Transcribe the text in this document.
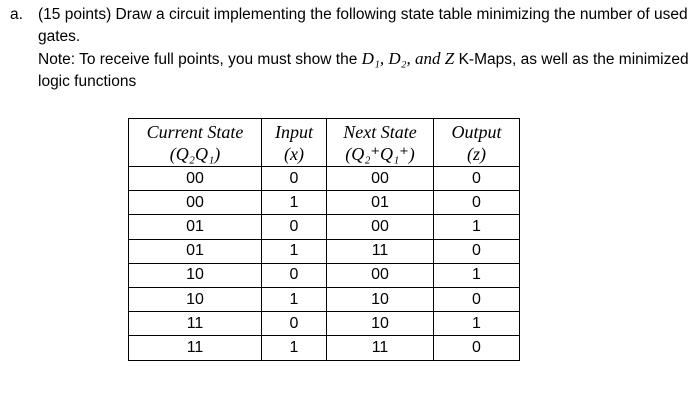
a. (15 points) Draw a circuit implementing the following state table minimizing the number of used gates.
Note: To receive full points, you must show the D₁, D₂, and Z K-Maps, as well as the minimized logic functions
Current State	Input	Next State	Output
(Q₂Q₁)	(x)	(Q₂⁺Q₁⁺)	(z)
00	0	00	0
00	1	01	0
01	0	00	1
01	1	11	0
10	0	00	1
10	1	10	0
11	0	10	1
11	1	11	0
